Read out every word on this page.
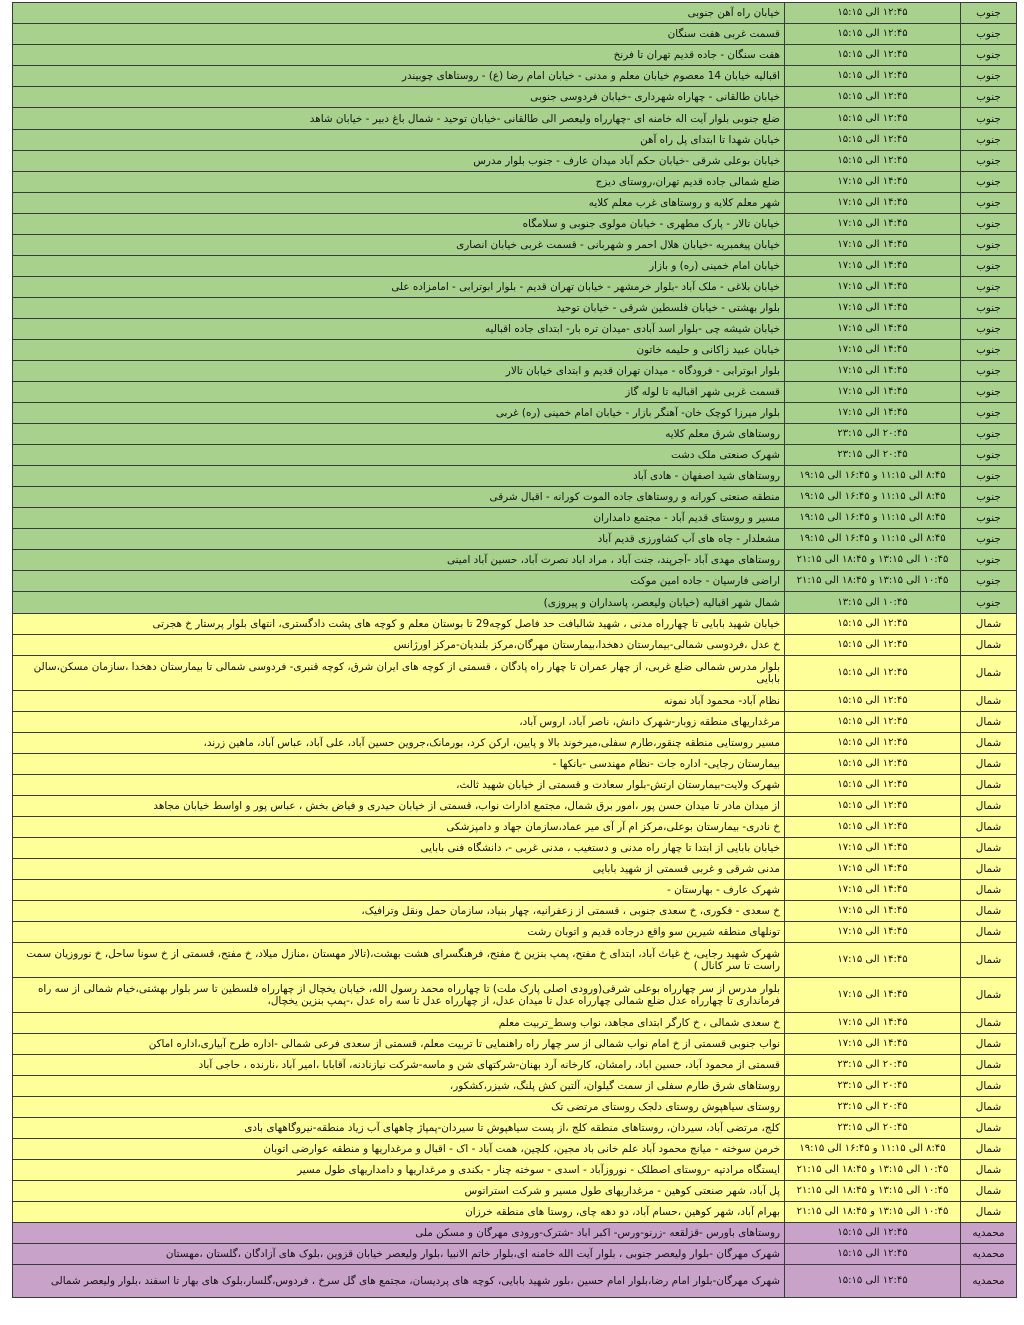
جنوب	۱۲:۴۵ الی ۱۵:۱۵	خیابان راه آهن جنوبی
جنوب	۱۲:۴۵ الی ۱۵:۱۵	قسمت غربی هفت سنگان
جنوب	۱۲:۴۵ الی ۱۵:۱۵	هفت سنگان - جاده قدیم تهران تا فرنخ
جنوب	۱۲:۴۵ الی ۱۵:۱۵	اقبالیه خیابان 14 معصوم خیابان معلم و مدنی - خیابان امام رضا (ع) - روستاهای چوبیندر
جنوب	۱۲:۴۵ الی ۱۵:۱۵	خیابان طالقانی - چهاراه شهرداری -خیابان فردوسی جنوبی
جنوب	۱۲:۴۵ الی ۱۵:۱۵	ضلع جنوبی بلوار آیت اله خامنه ای -چهارراه ولیعصر الی طالقانی -خیابان توحید - شمال باغ دبیر - خیابان شاهد
جنوب	۱۲:۴۵ الی ۱۵:۱۵	خیابان شهدا تا ابتدای پل راه آهن
جنوب	۱۲:۴۵ الی ۱۵:۱۵	خیابان بوعلی شرقی -خیابان حکم آباد میدان عارف - جنوب بلوار مدرس
جنوب	۱۴:۴۵ الی ۱۷:۱۵	ضلع شمالی جاده قدیم تهران،روستای دیزج
جنوب	۱۴:۴۵ الی ۱۷:۱۵	شهر معلم کلایه و روستاهای غرب معلم کلایه
جنوب	۱۴:۴۵ الی ۱۷:۱۵	خیابان تالار - پارک مطهری - خیابان مولوی جنوبی و سلامگاه
جنوب	۱۴:۴۵ الی ۱۷:۱۵	خیابان پیغمبریه -خیابان هلال احمر و شهربانی - قسمت غربی خیابان انصاری
جنوب	۱۴:۴۵ الی ۱۷:۱۵	خیابان امام خمینی (ره) و بازار
جنوب	۱۴:۴۵ الی ۱۷:۱۵	خیابان بلاغی - ملک آباد -بلوار خرمشهر - خیابان تهران قدیم - بلوار ابوترابی - امامزاده علی
جنوب	۱۴:۴۵ الی ۱۷:۱۵	بلوار بهشتی - خیابان فلسطین شرقی - خیابان توحید
جنوب	۱۴:۴۵ الی ۱۷:۱۵	خیابان شیشه چی -بلوار اسد آبادی -میدان تره بار- ابتدای جاده اقبالیه
جنوب	۱۴:۴۵ الی ۱۷:۱۵	خیابان عبید زاکانی و حلیمه خاتون
جنوب	۱۴:۴۵ الی ۱۷:۱۵	بلوار ابوترابی - فرودگاه - میدان تهران قدیم و ابتدای خیابان تالار
جنوب	۱۴:۴۵ الی ۱۷:۱۵	قسمت غربی شهر اقبالیه تا لوله گاز
جنوب	۱۴:۴۵ الی ۱۷:۱۵	بلوار میرزا کوچک خان- آهنگر بازار - خیابان امام خمینی (ره) غربی
جنوب	۲۰:۴۵ الی ۲۳:۱۵	روستاهای شرق معلم کلایه
جنوب	۲۰:۴۵ الی ۲۳:۱۵	شهرک صنعتی ملک دشت
جنوب	۸:۴۵ الی ۱۱:۱۵ و ۱۶:۴۵ الی ۱۹:۱۵	روستاهای شید اصفهان - هادی آباد
جنوب	۸:۴۵ الی ۱۱:۱۵ و ۱۶:۴۵ الی ۱۹:۱۵	منطقه صنعتی کورانه و روستاهای جاده الموت کورانه - اقبال شرقی
جنوب	۸:۴۵ الی ۱۱:۱۵ و ۱۶:۴۵ الی ۱۹:۱۵	مسیر و روستای قدیم آباد - مجتمع دامداران
جنوب	۸:۴۵ الی ۱۱:۱۵ و ۱۶:۴۵ الی ۱۹:۱۵	مشعلدار - چاه های آب کشاورزی قدیم آباد
جنوب	۱۰:۴۵ الی ۱۳:۱۵ و ۱۸:۴۵ الی ۲۱:۱۵	روستاهای مهدی آباد -آجرپند، جنت آباد ، مراد اباد نصرت آباد، حسین آباد امینی
جنوب	۱۰:۴۵ الی ۱۳:۱۵ و ۱۸:۴۵ الی ۲۱:۱۵	اراضی فارسیان - جاده امین موکت
جنوب	۱۰:۴۵ الی ۱۳:۱۵	شمال شهر اقبالیه (خیابان ولیعصر، پاسداران و پیروزی)
شمال	۱۲:۴۵ الی ۱۵:۱۵	خیابان شهید بابایی تا چهارراه مدنی ، شهید شالبافت حد فاصل کوچه29 تا بوستان معلم و کوچه های پشت دادگستری، انتهای بلوار پرستار خ هجرتی
شمال	۱۲:۴۵ الی ۱۵:۱۵	خ عدل ،فردوسی شمالی-بیمارستان دهخدا،بیمارستان مهرگان،مرکز بلندیان-مرکز اورژانس
شمال	۱۲:۴۵ الی ۱۵:۱۵	بلوار مدرس شمالی ضلع غربی، از چهار عمران تا چهار راه پادگان ، قسمتی از کوچه های ایران شرق، کوچه قنبری- فردوسی شمالی تا بیمارستان دهخدا ،سازمان مسکن،سالن بابایی
شمال	۱۲:۴۵ الی ۱۵:۱۵	نظام آباد- محمود آباد نمونه
شمال	۱۲:۴۵ الی ۱۵:۱۵	مرغداریهای منطقه زوبار-شهرک دانش، ناصر آباد، اروس آباد،
شمال	۱۲:۴۵ الی ۱۵:۱۵	مسیر روستایی منطقه چنقور،طارم سفلی،میرخوند بالا و پایین، ارکن کرد، بورمانک،جروین حسین آباد، علی آباد، عباس آباد، ماهین زرند،
شمال	۱۲:۴۵ الی ۱۵:۱۵	بیمارستان رجایی- اداره جات -نظام مهندسی -بانکها -
شمال	۱۲:۴۵ الی ۱۵:۱۵	شهرک ولایت-بیمارستان ارتش-بلوار سعادت و قسمتی از خیابان شهید ثالث،
شمال	۱۲:۴۵ الی ۱۵:۱۵	از میدان مادر تا میدان حسن پور ،امور برق شمال، مجتمع ادارات نواب، قسمتی از خیابان حیدری و فیاض بخش ، عباس پور و اواسط خیابان مجاهد
شمال	۱۲:۴۵ الی ۱۵:۱۵	خ نادری- بیمارستان بوعلی،مرکز ام آر آی میر عماد،سازمان جهاد و دامپزشکی
شمال	۱۴:۴۵ الی ۱۷:۱۵	خیابان بابایی از ابتدا تا چهار راه مدنی و دستغیب ، مدنی غربی -، دانشگاه فنی بابایی
شمال	۱۴:۴۵ الی ۱۷:۱۵	مدنی شرقی و غربی قسمتی از شهید بابایی
شمال	۱۴:۴۵ الی ۱۷:۱۵	شهرک عارف - بهارستان -
شمال	۱۴:۴۵ الی ۱۷:۱۵	خ سعدی - فکوری، خ سعدی جنوبی ، قسمتی از زعفرانیه، چهار بنیاد، سازمان حمل ونقل وترافیک،
شمال	۱۴:۴۵ الی ۱۷:۱۵	تونلهای منطقه شیرین سو واقع درجاده قدیم و اتوبان رشت
شمال	۱۴:۴۵ الی ۱۷:۱۵	شهرک شهید رجایی، خ غیاث آباد، ابتدای خ مفتح، پمپ بنزین خ مفتح، فرهنگسرای هشت بهشت،(تالار مهستان ،منازل میلاد، خ مفتح، قسمتی از خ سونا ساحل، خ نوروزیان سمت راست تا سر کانال )
شمال	۱۴:۴۵ الی ۱۷:۱۵	بلوار مدرس از سر چهارراه بوعلی شرقی(ورودی اصلی پارک ملت) تا چهارراه محمد رسول الله، خیابان یخچال از چهارراه فلسطین تا سر بلوار بهشتی،خیام شمالی از سه راه فرمانداری تا چهارراه عدل ضلع شمالی چهارراه عدل تا میدان عدل، از چهارراه عدل تا سه راه عدل ،-پمپ بنزین یخچال،
شمال	۱۴:۴۵ الی ۱۷:۱۵	خ سعدی شمالی ، خ کارگر ابتدای مجاهد، نواب وسط_تربیت معلم
شمال	۱۴:۴۵ الی ۱۷:۱۵	نواب جنوبی قسمتی از خ امام نواب شمالی از سر چهار راه راهنمایی تا تربیت معلم، قسمتی از سعدی فرعی شمالی -اداره طرح آبیاری،اداره اماکن
شمال	۲۰:۴۵ الی ۲۳:۱۵	قسمتی از محمود آباد، حسین اباد، رامشان، کارخانه آرد بهنان-شرکتهای شن و ماسه-شرکت نیازنادنه، آقابابا ،امیر آباد ،نارنده ، حاجی آباد
شمال	۲۰:۴۵ الی ۲۳:۱۵	روستاهای شرق طارم سفلی از سمت گیلوان، آلتین کش پلنگ، شیزر،کشکور،
شمال	۲۰:۴۵ الی ۲۳:۱۵	روستای سیاهپوش روستای دلجک روستای مرتضی تک
شمال	۲۰:۴۵ الی ۲۳:۱۵	کلج، مرتضی آباد، سیردان، روستاهای منطقه کلج ،از پست سیاهپوش تا سیردان-پمپاژ چاههای آب زیاد منطقه-نیروگاههای بادی
شمال	۸:۴۵ الی ۱۱:۱۵ و ۱۶:۴۵ الی ۱۹:۱۵	خرمن سوخته - میانج محمود آباد علم خانی باد مجین، کلچین، همت آباد - اک - اقبال و مرغداریها و منطقه عوارضی اتوبان
شمال	۱۰:۴۵ الی ۱۳:۱۵ و ۱۸:۴۵ الی ۲۱:۱۵	ایستگاه مرادتپه -روستای اصطلک - نوروزآباد - اسدی - سوخته چنار - بکندی و مرغداریها و دامداریهای طول مسیر
شمال	۱۰:۴۵ الی ۱۳:۱۵ و ۱۸:۴۵ الی ۲۱:۱۵	پل آباد، شهر صنعتی کوهین - مرغداریهای طول مسیر و شرکت استراتوس
شمال	۱۰:۴۵ الی ۱۳:۱۵ و ۱۸:۴۵ الی ۲۱:۱۵	بهرام آباد، شهر کوهین ،حسام آباد، دو دهه چای، روستا های منطقه خرزان
محمدیه	۱۲:۴۵ الی ۱۵:۱۵	روستاهای باورس -قزلقعه -زرنو-ورس- اکبر اباد -شترک-ورودی مهرگان و مسکن ملی
محمدیه	۱۲:۴۵ الی ۱۵:۱۵	شهرک مهرگان -بلوار ولیعصر جنوبی ، بلوار آیت الله خامنه ای،بلوار خاتم الانبیا ،بلوار ولیعصر خیابان قزوین ،بلوک های آزادگان ،گلستان ،مهستان
محمدیه	۱۲:۴۵ الی ۱۵:۱۵	شهرک مهرگان-بلوار امام رضا،بلوار امام حسین ،بلور شهید بابایی، کوچه های پردیسان، مجتمع های گل سرخ ، فردوس،گلسار،بلوک های بهار تا اسفند ،بلوار ولیعصر شمالی
